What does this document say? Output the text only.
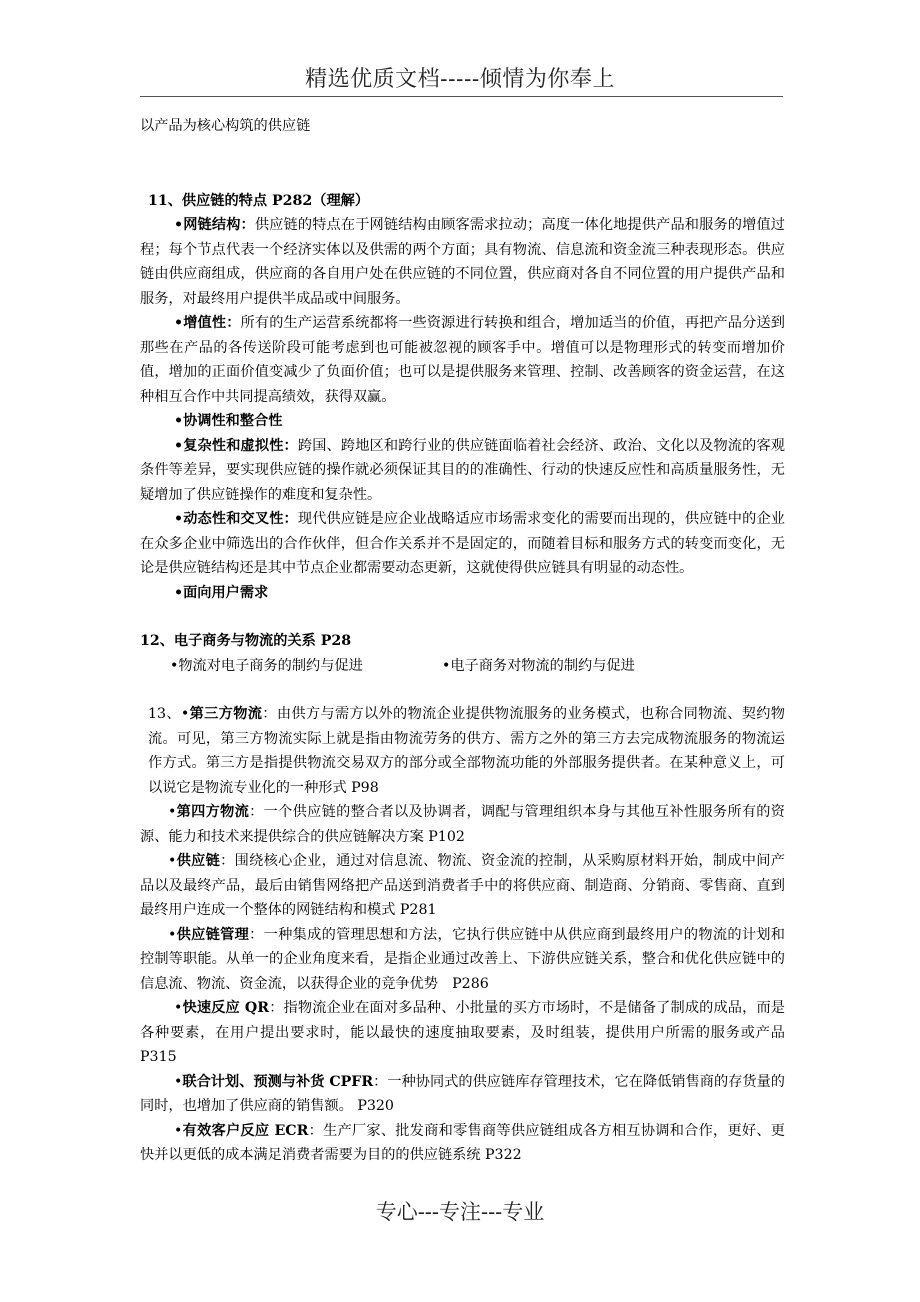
精选优质文档-----倾情为你奉上

以产品为核心构筑的供应链

11、供应链的特点 P282（理解）

•网链结构：供应链的特点在于网链结构由顾客需求拉动；高度一体化地提供产品和服务的增值过程；每个节点代表一个经济实体以及供需的两个方面；具有物流、信息流和资金流三种表现形态。供应链由供应商组成，供应商的各自用户处在供应链的不同位置，供应商对各自不同位置的用户提供产品和服务，对最终用户提供半成品或中间服务。

•增值性：所有的生产运营系统都将一些资源进行转换和组合，增加适当的价值，再把产品分送到那些在产品的各传送阶段可能考虑到也可能被忽视的顾客手中。增值可以是物理形式的转变而增加价值，增加的正面价值变减少了负面价值；也可以是提供服务来管理、控制、改善顾客的资金运营，在这种相互合作中共同提高绩效，获得双赢。

•协调性和整合性

•复杂性和虚拟性：跨国、跨地区和跨行业的供应链面临着社会经济、政治、文化以及物流的客观条件等差异，要实现供应链的操作就必须保证其目的的准确性、行动的快速反应性和高质量服务性，无疑增加了供应链操作的难度和复杂性。

•动态性和交叉性：现代供应链是应企业战略适应市场需求变化的需要而出现的，供应链中的企业在众多企业中筛选出的合作伙伴，但合作关系并不是固定的，而随着目标和服务方式的转变而变化，无论是供应链结构还是其中节点企业都需要动态更新，这就使得供应链具有明显的动态性。

•面向用户需求

12、电子商务与物流的关系 P28

•物流对电子商务的制约与促进	•电子商务对物流的制约与促进

13、•第三方物流：由供方与需方以外的物流企业提供物流服务的业务模式，也称合同物流、契约物流。可见，第三方物流实际上就是指由物流劳务的供方、需方之外的第三方去完成物流服务的物流运作方式。第三方是指提供物流交易双方的部分或全部物流功能的外部服务提供者。在某种意义上，可以说它是物流专业化的一种形式 P98

•第四方物流：一个供应链的整合者以及协调者，调配与管理组织本身与其他互补性服务所有的资源、能力和技术来提供综合的供应链解决方案 P102

•供应链：围绕核心企业，通过对信息流、物流、资金流的控制，从采购原材料开始，制成中间产品以及最终产品，最后由销售网络把产品送到消费者手中的将供应商、制造商、分销商、零售商、直到最终用户连成一个整体的网链结构和模式 P281

•供应链管理：一种集成的管理思想和方法，它执行供应链中从供应商到最终用户的物流的计划和控制等职能。从单一的企业角度来看，是指企业通过改善上、下游供应链关系，整合和优化供应链中的信息流、物流、资金流，以获得企业的竞争优势　P286

•快速反应 QR：指物流企业在面对多品种、小批量的买方市场时，不是储备了制成的成品，而是各种要素，在用户提出要求时，能以最快的速度抽取要素，及时组装，提供用户所需的服务或产品 P315

•联合计划、预测与补货 CPFR：一种协同式的供应链库存管理技术，它在降低销售商的存货量的同时，也增加了供应商的销售额。 P320

•有效客户反应 ECR：生产厂家、批发商和零售商等供应链组成各方相互协调和合作，更好、更快并以更低的成本满足消费者需要为目的的供应链系统 P322

专心---专注---专业
